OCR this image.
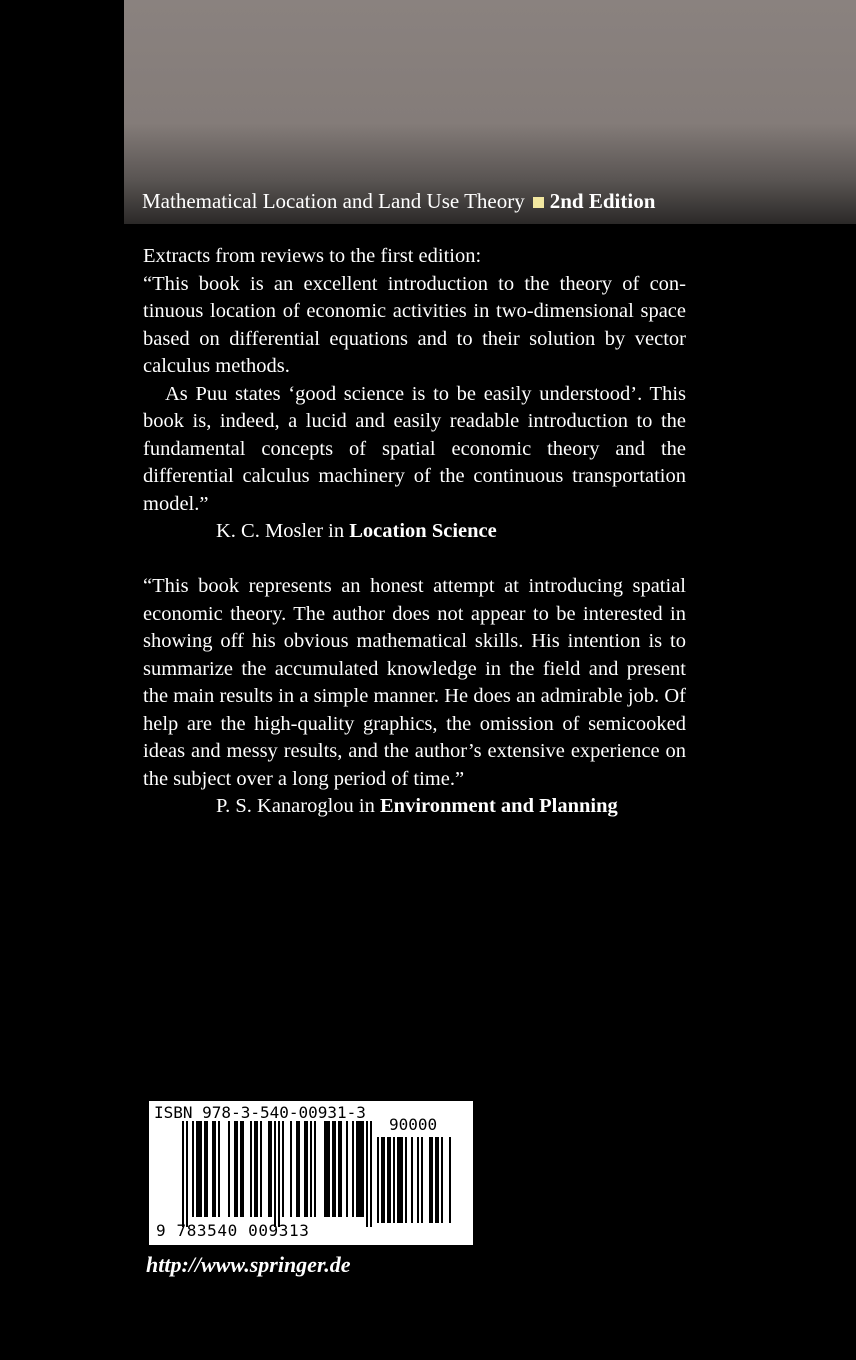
Mathematical Location and Land Use Theory 2nd Edition

Extracts from reviews to the first edition:

“This book is an excellent introduction to the theory of continuous location of economic activities in two-dimensional space based on differential equations and to their solution by vector calculus methods.

As Puu states ‘good science is to be easily understood’. This book is, indeed, a lucid and easily readable introduction to the fundamental concepts of spatial economic theory and the differential calculus machinery of the continuous transportation model.”

K. C. Mosler in Location Science

“This book represents an honest attempt at introducing spatial economic theory. The author does not appear to be interested in showing off his obvious mathematical skills. His intention is to summarize the accumulated knowledge in the field and present the main results in a simple manner. He does an admirable job. Of help are the high-quality graphics, the omission of semicooked ideas and messy results, and the author’s extensive experience on the subject over a long period of time.”

P. S. Kanaroglou in Environment and Planning

ISBN 978-3-540-00931-3
90000
9 783540 009313
http://www.springer.de
